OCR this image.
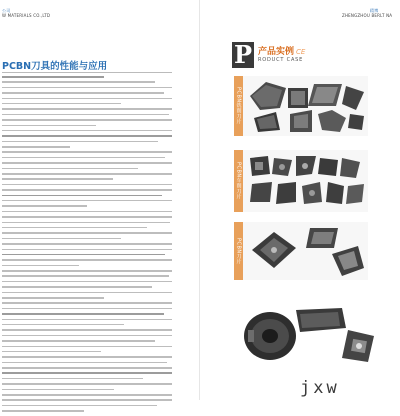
公司
W MATERIALS CO.,LTD
PCBN刀具的性能与应用
精博
ZHENGZHOU BERLT NA
P 产品实例 CE
RODUCT CASE
PCBN铣削刀片
PCBN车削刀片
PCBN刀片
jxw
